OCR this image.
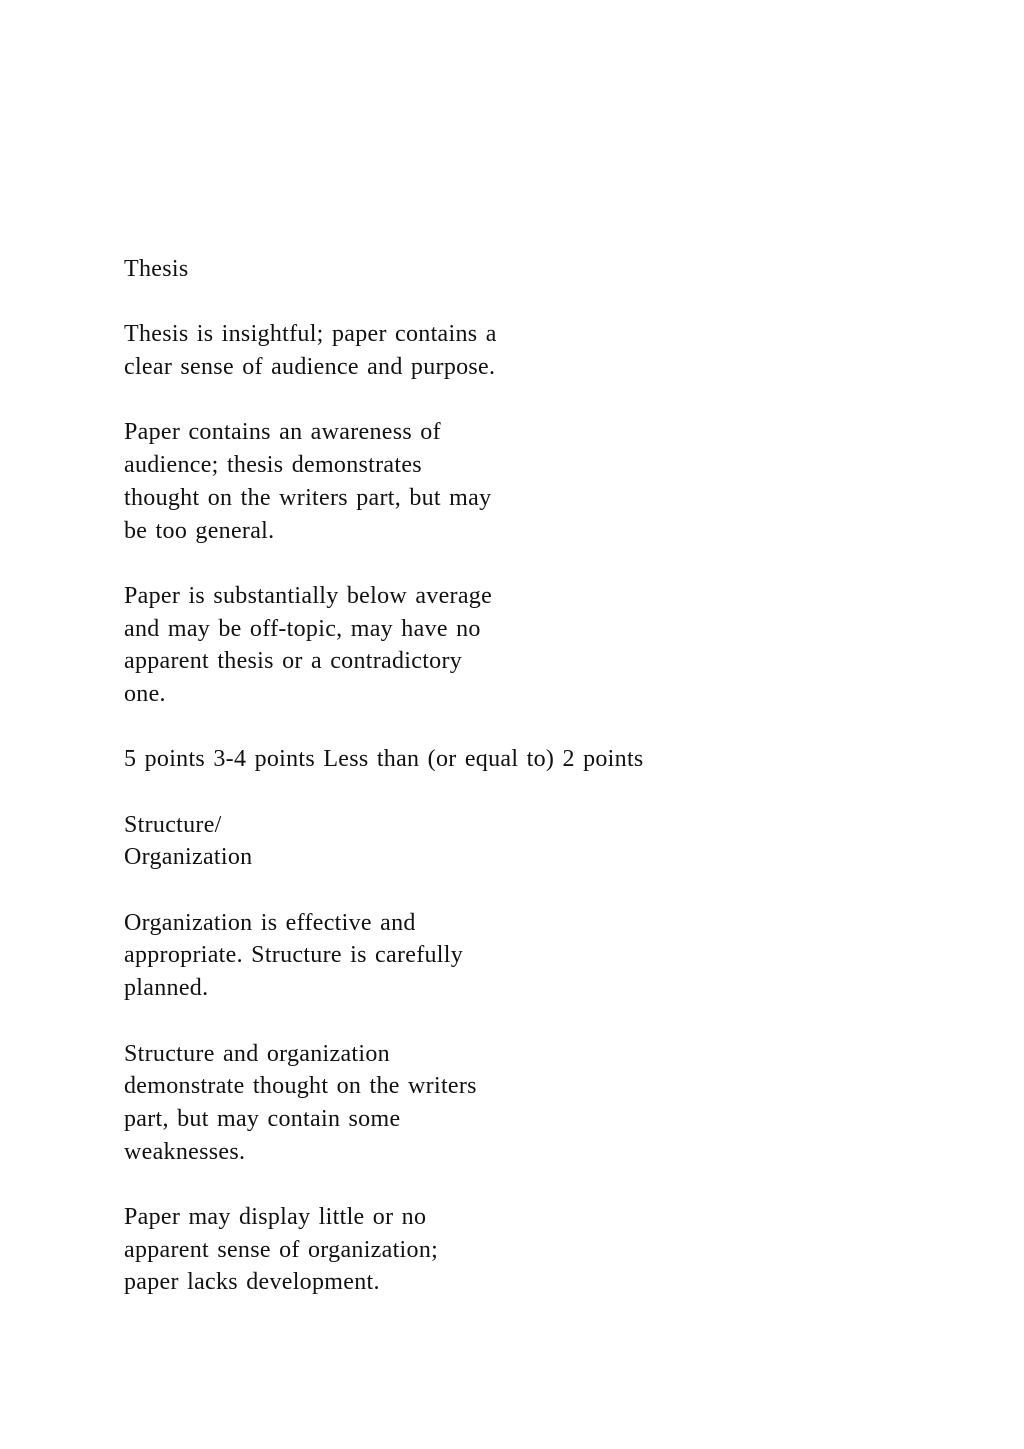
Thesis
Thesis is insightful; paper contains a
clear sense of audience and purpose.
Paper contains an awareness of
audience; thesis demonstrates
thought on the writers part, but may
be too general.
Paper is substantially below average
and may be off-topic, may have no
apparent thesis or a contradictory
one.
5 points 3-4 points Less than (or equal to) 2 points
Structure/
Organization
Organization is effective and
appropriate. Structure is carefully
planned.
Structure and organization
demonstrate thought on the writers
part, but may contain some
weaknesses.
Paper may display little or no
apparent sense of organization;
paper lacks development.
